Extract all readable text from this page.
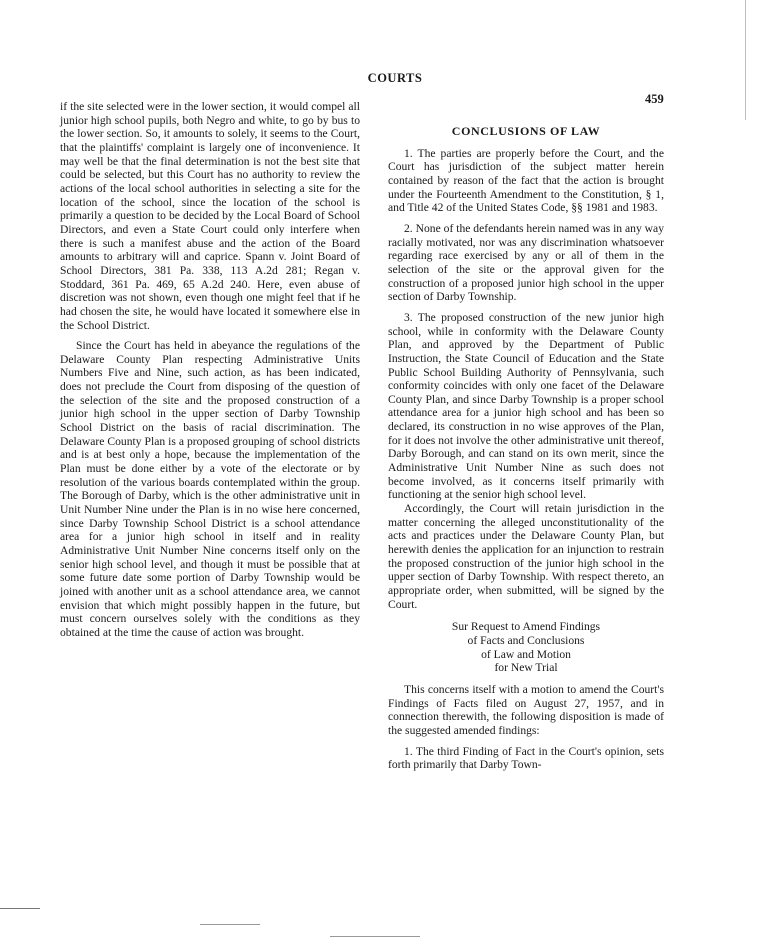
COURTS
459

if the site selected were in the lower section, it would compel all junior high school pupils, both Negro and white, to go by bus to the lower section. So, it amounts to solely, it seems to the Court, that the plaintiffs' complaint is largely one of inconvenience. It may well be that the final determination is not the best site that could be selected, but this Court has no authority to review the actions of the local school authorities in selecting a site for the location of the school, since the location of the school is primarily a question to be decided by the Local Board of School Directors, and even a State Court could only interfere when there is such a manifest abuse and the action of the Board amounts to arbitrary will and caprice. Spann v. Joint Board of School Directors, 381 Pa. 338, 113 A.2d 281; Regan v. Stoddard, 361 Pa. 469, 65 A.2d 240. Here, even abuse of discretion was not shown, even though one might feel that if he had chosen the site, he would have located it somewhere else in the School District.

Since the Court has held in abeyance the regulations of the Delaware County Plan respecting Administrative Units Numbers Five and Nine, such action, as has been indicated, does not preclude the Court from disposing of the question of the selection of the site and the proposed construction of a junior high school in the upper section of Darby Township School District on the basis of racial discrimination. The Delaware County Plan is a proposed grouping of school districts and is at best only a hope, because the implementation of the Plan must be done either by a vote of the electorate or by resolution of the various boards contemplated within the group. The Borough of Darby, which is the other administrative unit in Unit Number Nine under the Plan is in no wise here concerned, since Darby Township School District is a school attendance area for a junior high school in itself and in reality Administrative Unit Number Nine concerns itself only on the senior high school level, and though it must be possible that at some future date some portion of Darby Township would be joined with another unit as a school attendance area, we cannot envision that which might possibly happen in the future, but must concern ourselves solely with the conditions as they obtained at the time the cause of action was brought.

CONCLUSIONS OF LAW

1. The parties are properly before the Court, and the Court has jurisdiction of the subject matter herein contained by reason of the fact that the action is brought under the Fourteenth Amendment to the Constitution, § 1, and Title 42 of the United States Code, §§ 1981 and 1983.

2. None of the defendants herein named was in any way racially motivated, nor was any discrimination whatsoever regarding race exercised by any or all of them in the selection of the site or the approval given for the construction of a proposed junior high school in the upper section of Darby Township.

3. The proposed construction of the new junior high school, while in conformity with the Delaware County Plan, and approved by the Department of Public Instruction, the State Council of Education and the State Public School Building Authority of Pennsylvania, such conformity coincides with only one facet of the Delaware County Plan, and since Darby Township is a proper school attendance area for a junior high school and has been so declared, its construction in no wise approves of the Plan, for it does not involve the other administrative unit thereof, Darby Borough, and can stand on its own merit, since the Administrative Unit Number Nine as such does not become involved, as it concerns itself primarily with functioning at the senior high school level.

Accordingly, the Court will retain jurisdiction in the matter concerning the alleged unconstitutionality of the acts and practices under the Delaware County Plan, but herewith denies the application for an injunction to restrain the proposed construction of the junior high school in the upper section of Darby Township. With respect thereto, an appropriate order, when submitted, will be signed by the Court.

Sur Request to Amend Findings
of Facts and Conclusions
of Law and Motion
for New Trial

This concerns itself with a motion to amend the Court's Findings of Facts filed on August 27, 1957, and in connection therewith, the following disposition is made of the suggested amended findings:

1. The third Finding of Fact in the Court's opinion, sets forth primarily that Darby Town-
